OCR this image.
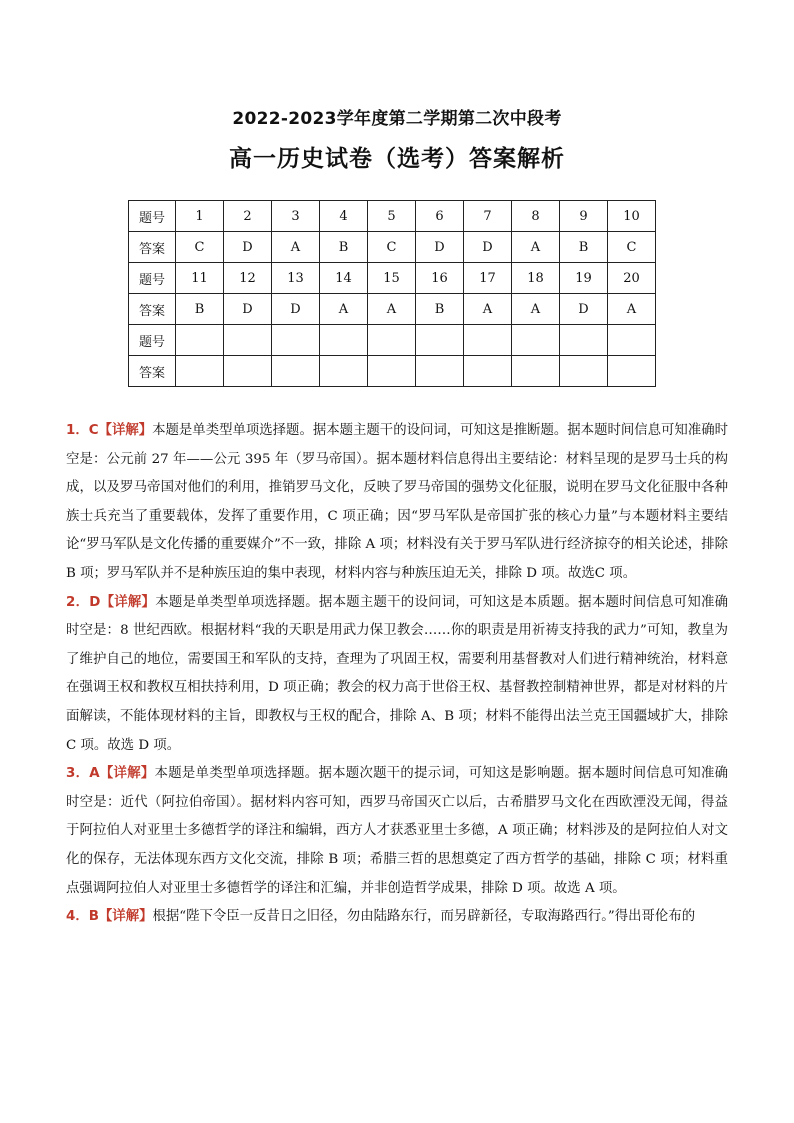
2022-2023学年度第二学期第二次中段考
高一历史试卷（选考）答案解析
题号	1	2	3	4	5	6	7	8	9	10
答案	C	D	A	B	C	D	D	A	B	C
题号	11	12	13	14	15	16	17	18	19	20
答案	B	D	D	A	A	B	A	A	D	A
题号										
答案										

1．C【详解】本题是单类型单项选择题。据本题主题干的设问词，可知这是推断题。据本题时间信息可知准确时空是：公元前 27 年——公元 395 年（罗马帝国）。据本题材料信息得出主要结论：材料呈现的是罗马士兵的构成，以及罗马帝国对他们的利用，推销罗马文化，反映了罗马帝国的强势文化征服，说明在罗马文化征服中各种族士兵充当了重要载体，发挥了重要作用，C 项正确；因“罗马军队是帝国扩张的核心力量”与本题材料主要结论“罗马军队是文化传播的重要媒介”不一致，排除 A 项；材料没有关于罗马军队进行经济掠夺的相关论述，排除 B 项；罗马军队并不是种族压迫的集中表现，材料内容与种族压迫无关，排除 D 项。故选C 项。

2．D【详解】本题是单类型单项选择题。据本题主题干的设问词，可知这是本质题。据本题时间信息可知准确时空是：8 世纪西欧。根据材料“我的天职是用武力保卫教会……你的职责是用祈祷支持我的武力”可知，教皇为了维护自己的地位，需要国王和军队的支持，查理为了巩固王权，需要利用基督教对人们进行精神统治，材料意在强调王权和教权互相扶持利用，D 项正确；教会的权力高于世俗王权、基督教控制精神世界，都是对材料的片面解读，不能体现材料的主旨，即教权与王权的配合，排除 A、B 项；材料不能得出法兰克王国疆域扩大，排除 C 项。故选 D 项。

3．A【详解】本题是单类型单项选择题。据本题次题干的提示词，可知这是影响题。据本题时间信息可知准确时空是：近代（阿拉伯帝国）。据材料内容可知，西罗马帝国灭亡以后，古希腊罗马文化在西欧湮没无闻，得益于阿拉伯人对亚里士多德哲学的译注和编辑，西方人才获悉亚里士多德，A 项正确；材料涉及的是阿拉伯人对文化的保存，无法体现东西方文化交流，排除 B 项；希腊三哲的思想奠定了西方哲学的基础，排除 C 项；材料重点强调阿拉伯人对亚里士多德哲学的译注和汇编，并非创造哲学成果，排除 D 项。故选 A 项。

4．B【详解】根据“陛下令臣一反昔日之旧径，勿由陆路东行，而另辟新径，专取海路西行。”得出哥伦布的
